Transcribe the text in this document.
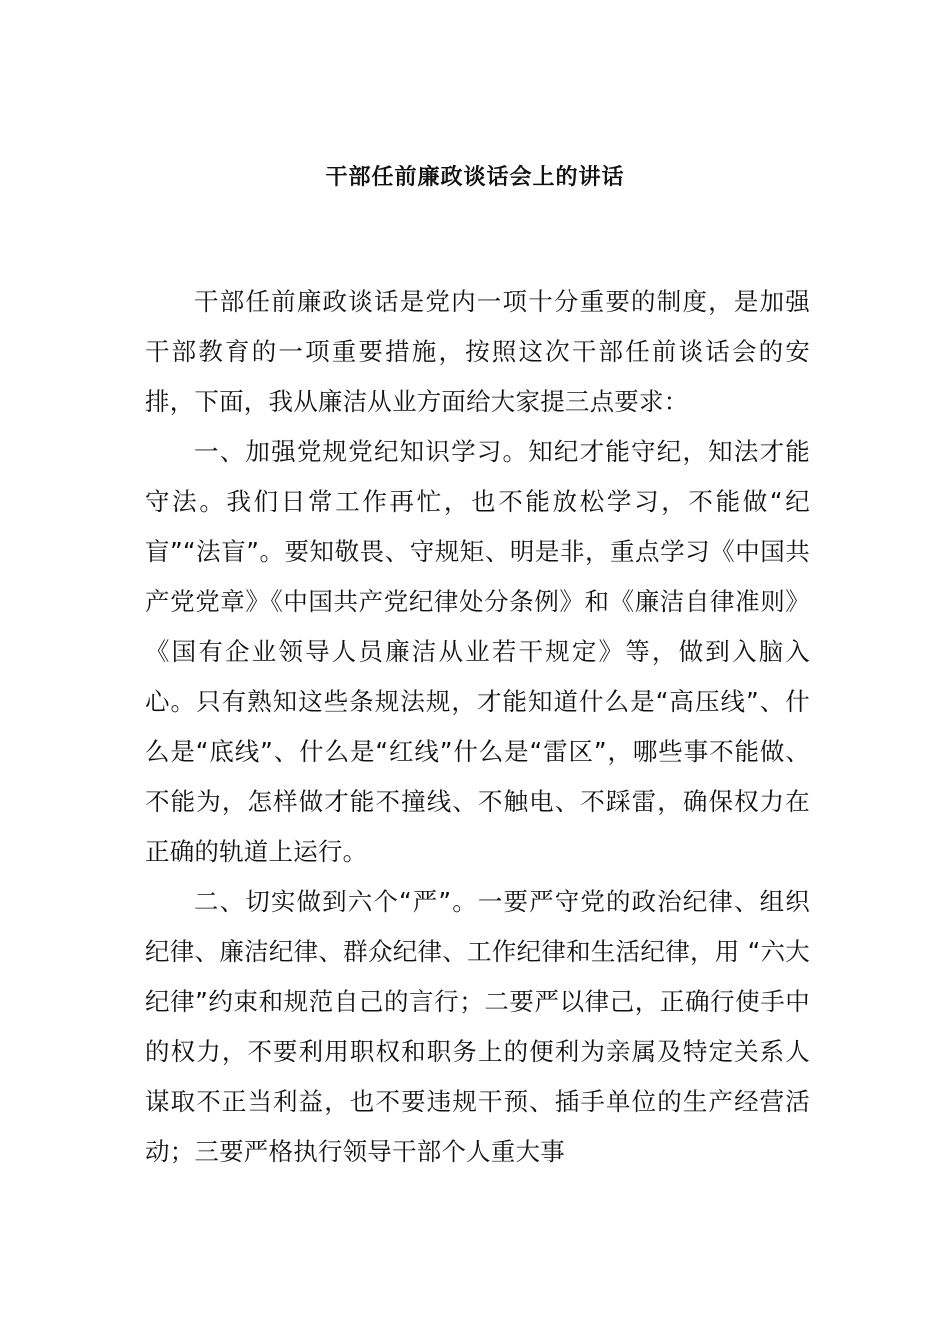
干部任前廉政谈话会上的讲话

干部任前廉政谈话是党内一项十分重要的制度，是加强干部教育的一项重要措施，按照这次干部任前谈话会的安排，下面，我从廉洁从业方面给大家提三点要求：

一、加强党规党纪知识学习。知纪才能守纪，知法才能守法。我们日常工作再忙，也不能放松学习，不能做“纪盲”“法盲”。要知敬畏、守规矩、明是非，重点学习《中国共产党党章》《中国共产党纪律处分条例》和《廉洁自律准则》《国有企业领导人员廉洁从业若干规定》等，做到入脑入心。只有熟知这些条规法规，才能知道什么是“高压线”、什么是“底线”、什么是“红线”什么是“雷区”，哪些事不能做、不能为，怎样做才能不撞线、不触电、不踩雷，确保权力在正确的轨道上运行。

二、切实做到六个“严”。一要严守党的政治纪律、组织纪律、廉洁纪律、群众纪律、工作纪律和生活纪律，用 “六大纪律”约束和规范自己的言行；二要严以律己，正确行使手中的权力，不要利用职权和职务上的便利为亲属及特定关系人谋取不正当利益，也不要违规干预、插手单位的生产经营活动；三要严格执行领导干部个人重大事
